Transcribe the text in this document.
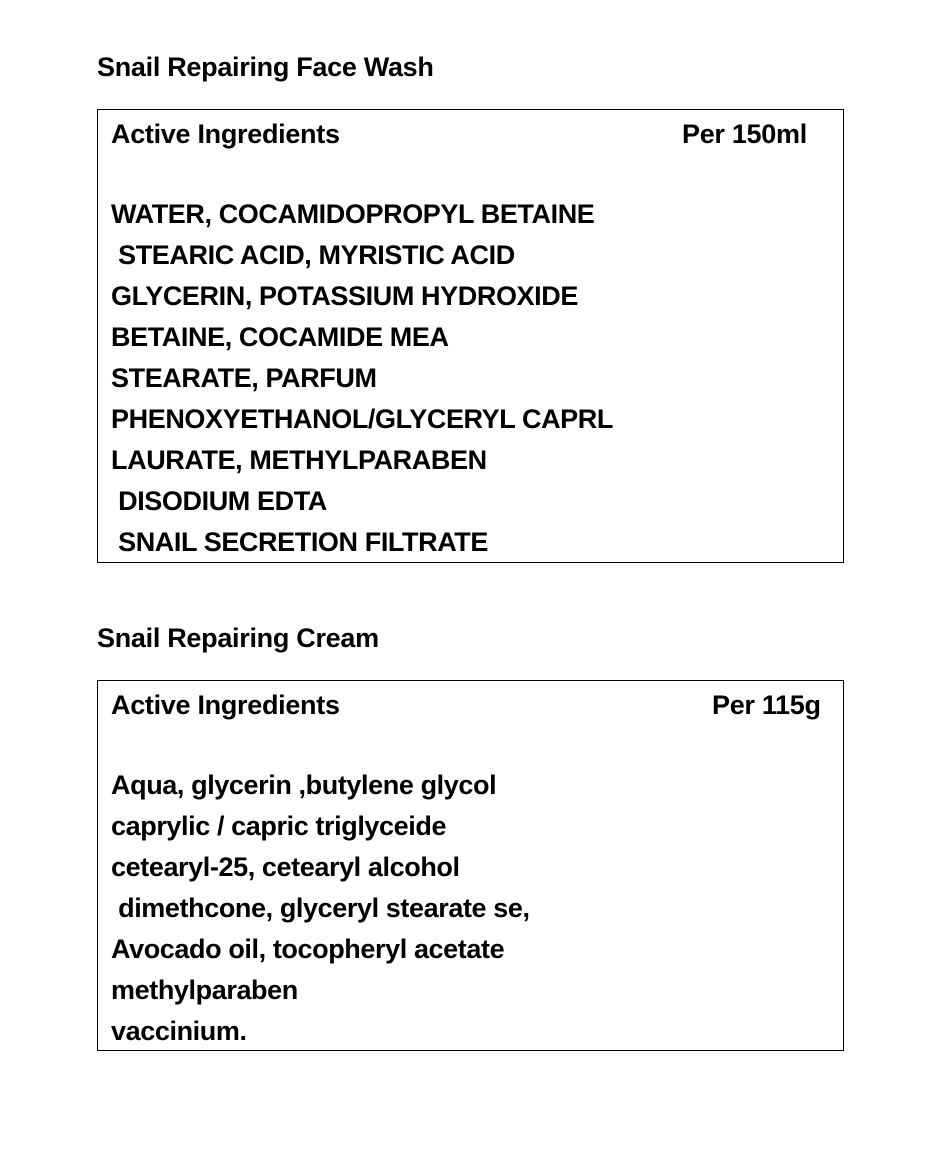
Snail Repairing Face Wash
Active Ingredients	Per 150ml
WATER, COCAMIDOPROPYL BETAINE
STEARIC ACID, MYRISTIC ACID
GLYCERIN, POTASSIUM HYDROXIDE
BETAINE, COCAMIDE MEA
STEARATE, PARFUM
PHENOXYETHANOL/GLYCERYL CAPRL
LAURATE, METHYLPARABEN
DISODIUM EDTA
SNAIL SECRETION FILTRATE
Snail Repairing Cream
Active Ingredients	Per 115g
Aqua, glycerin ,butylene glycol
caprylic / capric triglyceide
cetearyl-25, cetearyl alcohol
dimethcone, glyceryl stearate se,
Avocado oil, tocopheryl acetate
methylparaben
vaccinium.
